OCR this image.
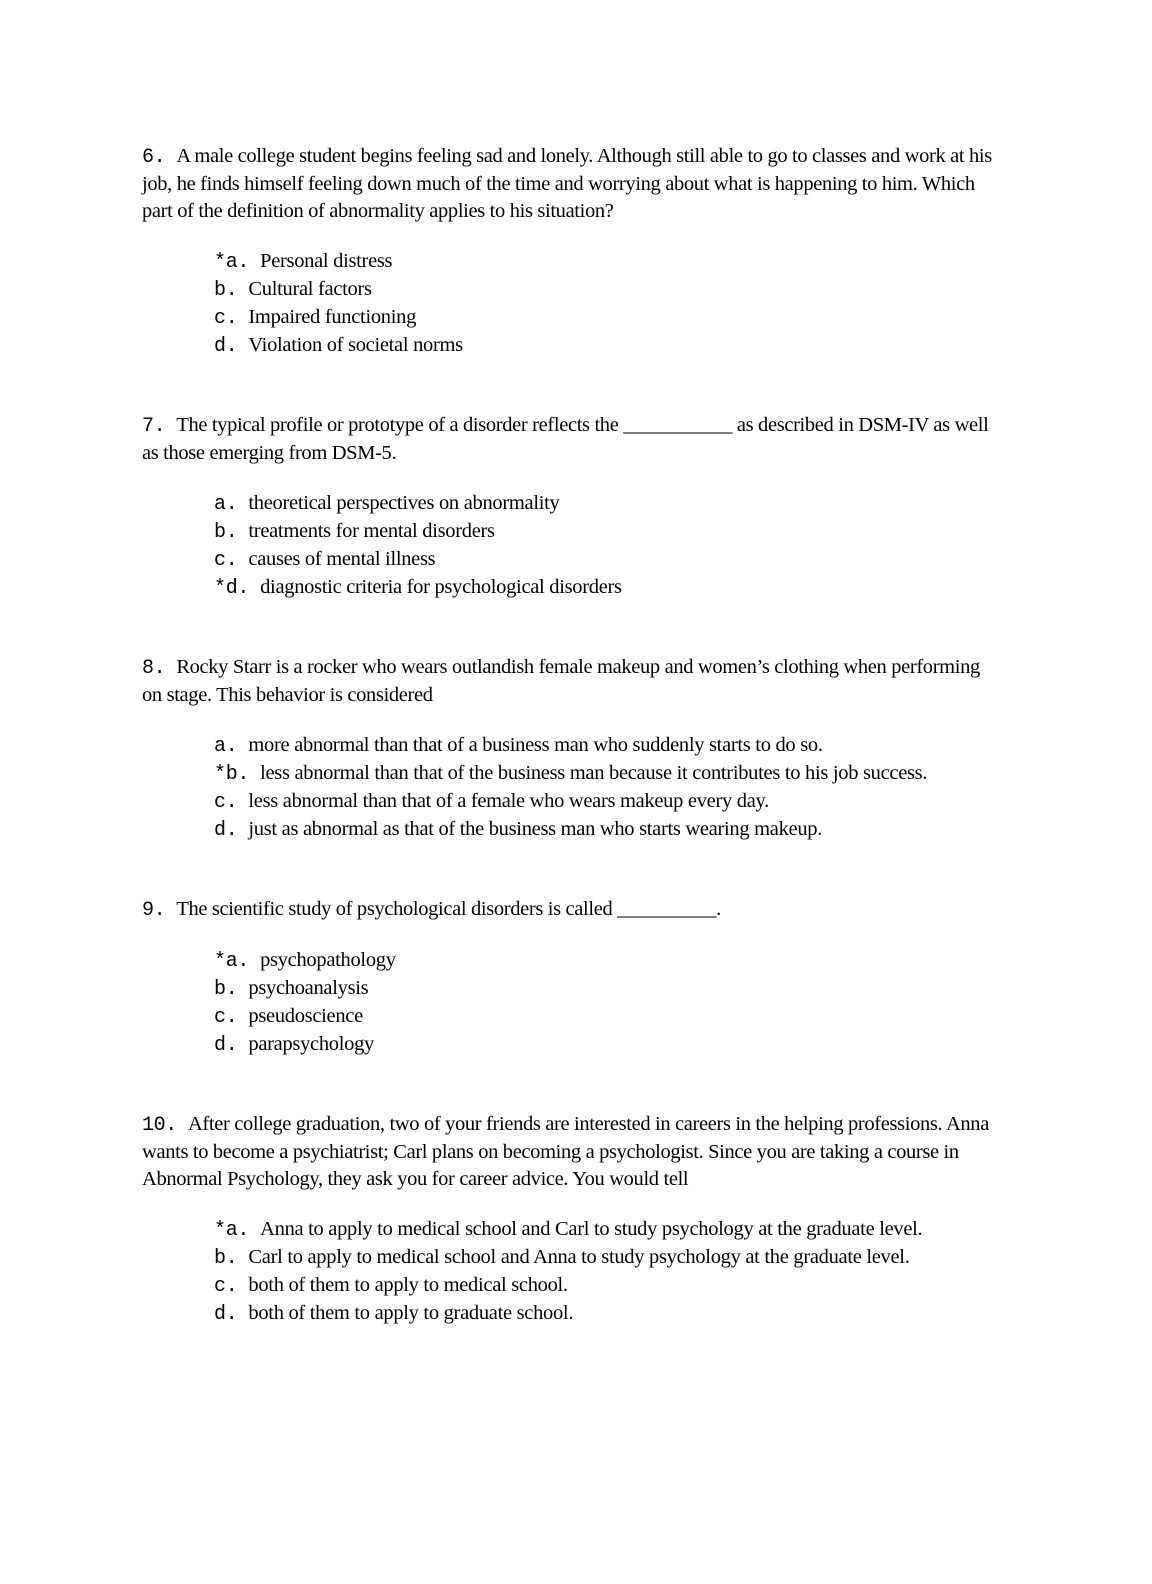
6. A male college student begins feeling sad and lonely. Although still able to go to classes and work at his job, he finds himself feeling down much of the time and worrying about what is happening to him. Which part of the definition of abnormality applies to his situation?

*a. Personal distress
b. Cultural factors
c. Impaired functioning
d. Violation of societal norms

7. The typical profile or prototype of a disorder reflects the ___________ as described in DSM-IV as well as those emerging from DSM-5.

a. theoretical perspectives on abnormality
b. treatments for mental disorders
c. causes of mental illness
*d. diagnostic criteria for psychological disorders

8. Rocky Starr is a rocker who wears outlandish female makeup and women’s clothing when performing on stage. This behavior is considered

a. more abnormal than that of a business man who suddenly starts to do so.
*b. less abnormal than that of the business man because it contributes to his job success.
c. less abnormal than that of a female who wears makeup every day.
d. just as abnormal as that of the business man who starts wearing makeup.

9. The scientific study of psychological disorders is called __________.

*a. psychopathology
b. psychoanalysis
c. pseudoscience
d. parapsychology

10. After college graduation, two of your friends are interested in careers in the helping professions. Anna wants to become a psychiatrist; Carl plans on becoming a psychologist. Since you are taking a course in Abnormal Psychology, they ask you for career advice. You would tell

*a. Anna to apply to medical school and Carl to study psychology at the graduate level.
b. Carl to apply to medical school and Anna to study psychology at the graduate level.
c. both of them to apply to medical school.
d. both of them to apply to graduate school.
